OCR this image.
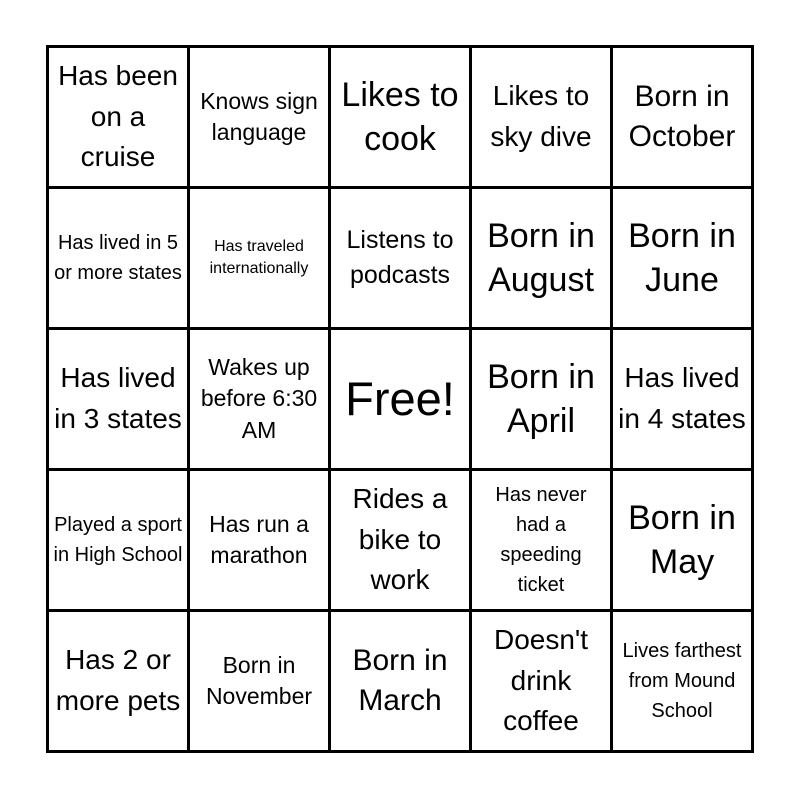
Has been on a cruise
Knows sign language
Likes to cook
Likes to sky dive
Born in October
Has lived in 5 or more states
Has traveled internationally
Listens to podcasts
Born in August
Born in June
Has lived in 3 states
Wakes up before 6:30 AM
Free! Born in April
Has lived in 4 states
Played a sport in High School
Has run a marathon
Rides a bike to work
Has never had a speeding ticket
Born in May
Has 2 or more pets
Born in November
Born in March
Doesn't drink coffee
Lives farthest from Mound School
